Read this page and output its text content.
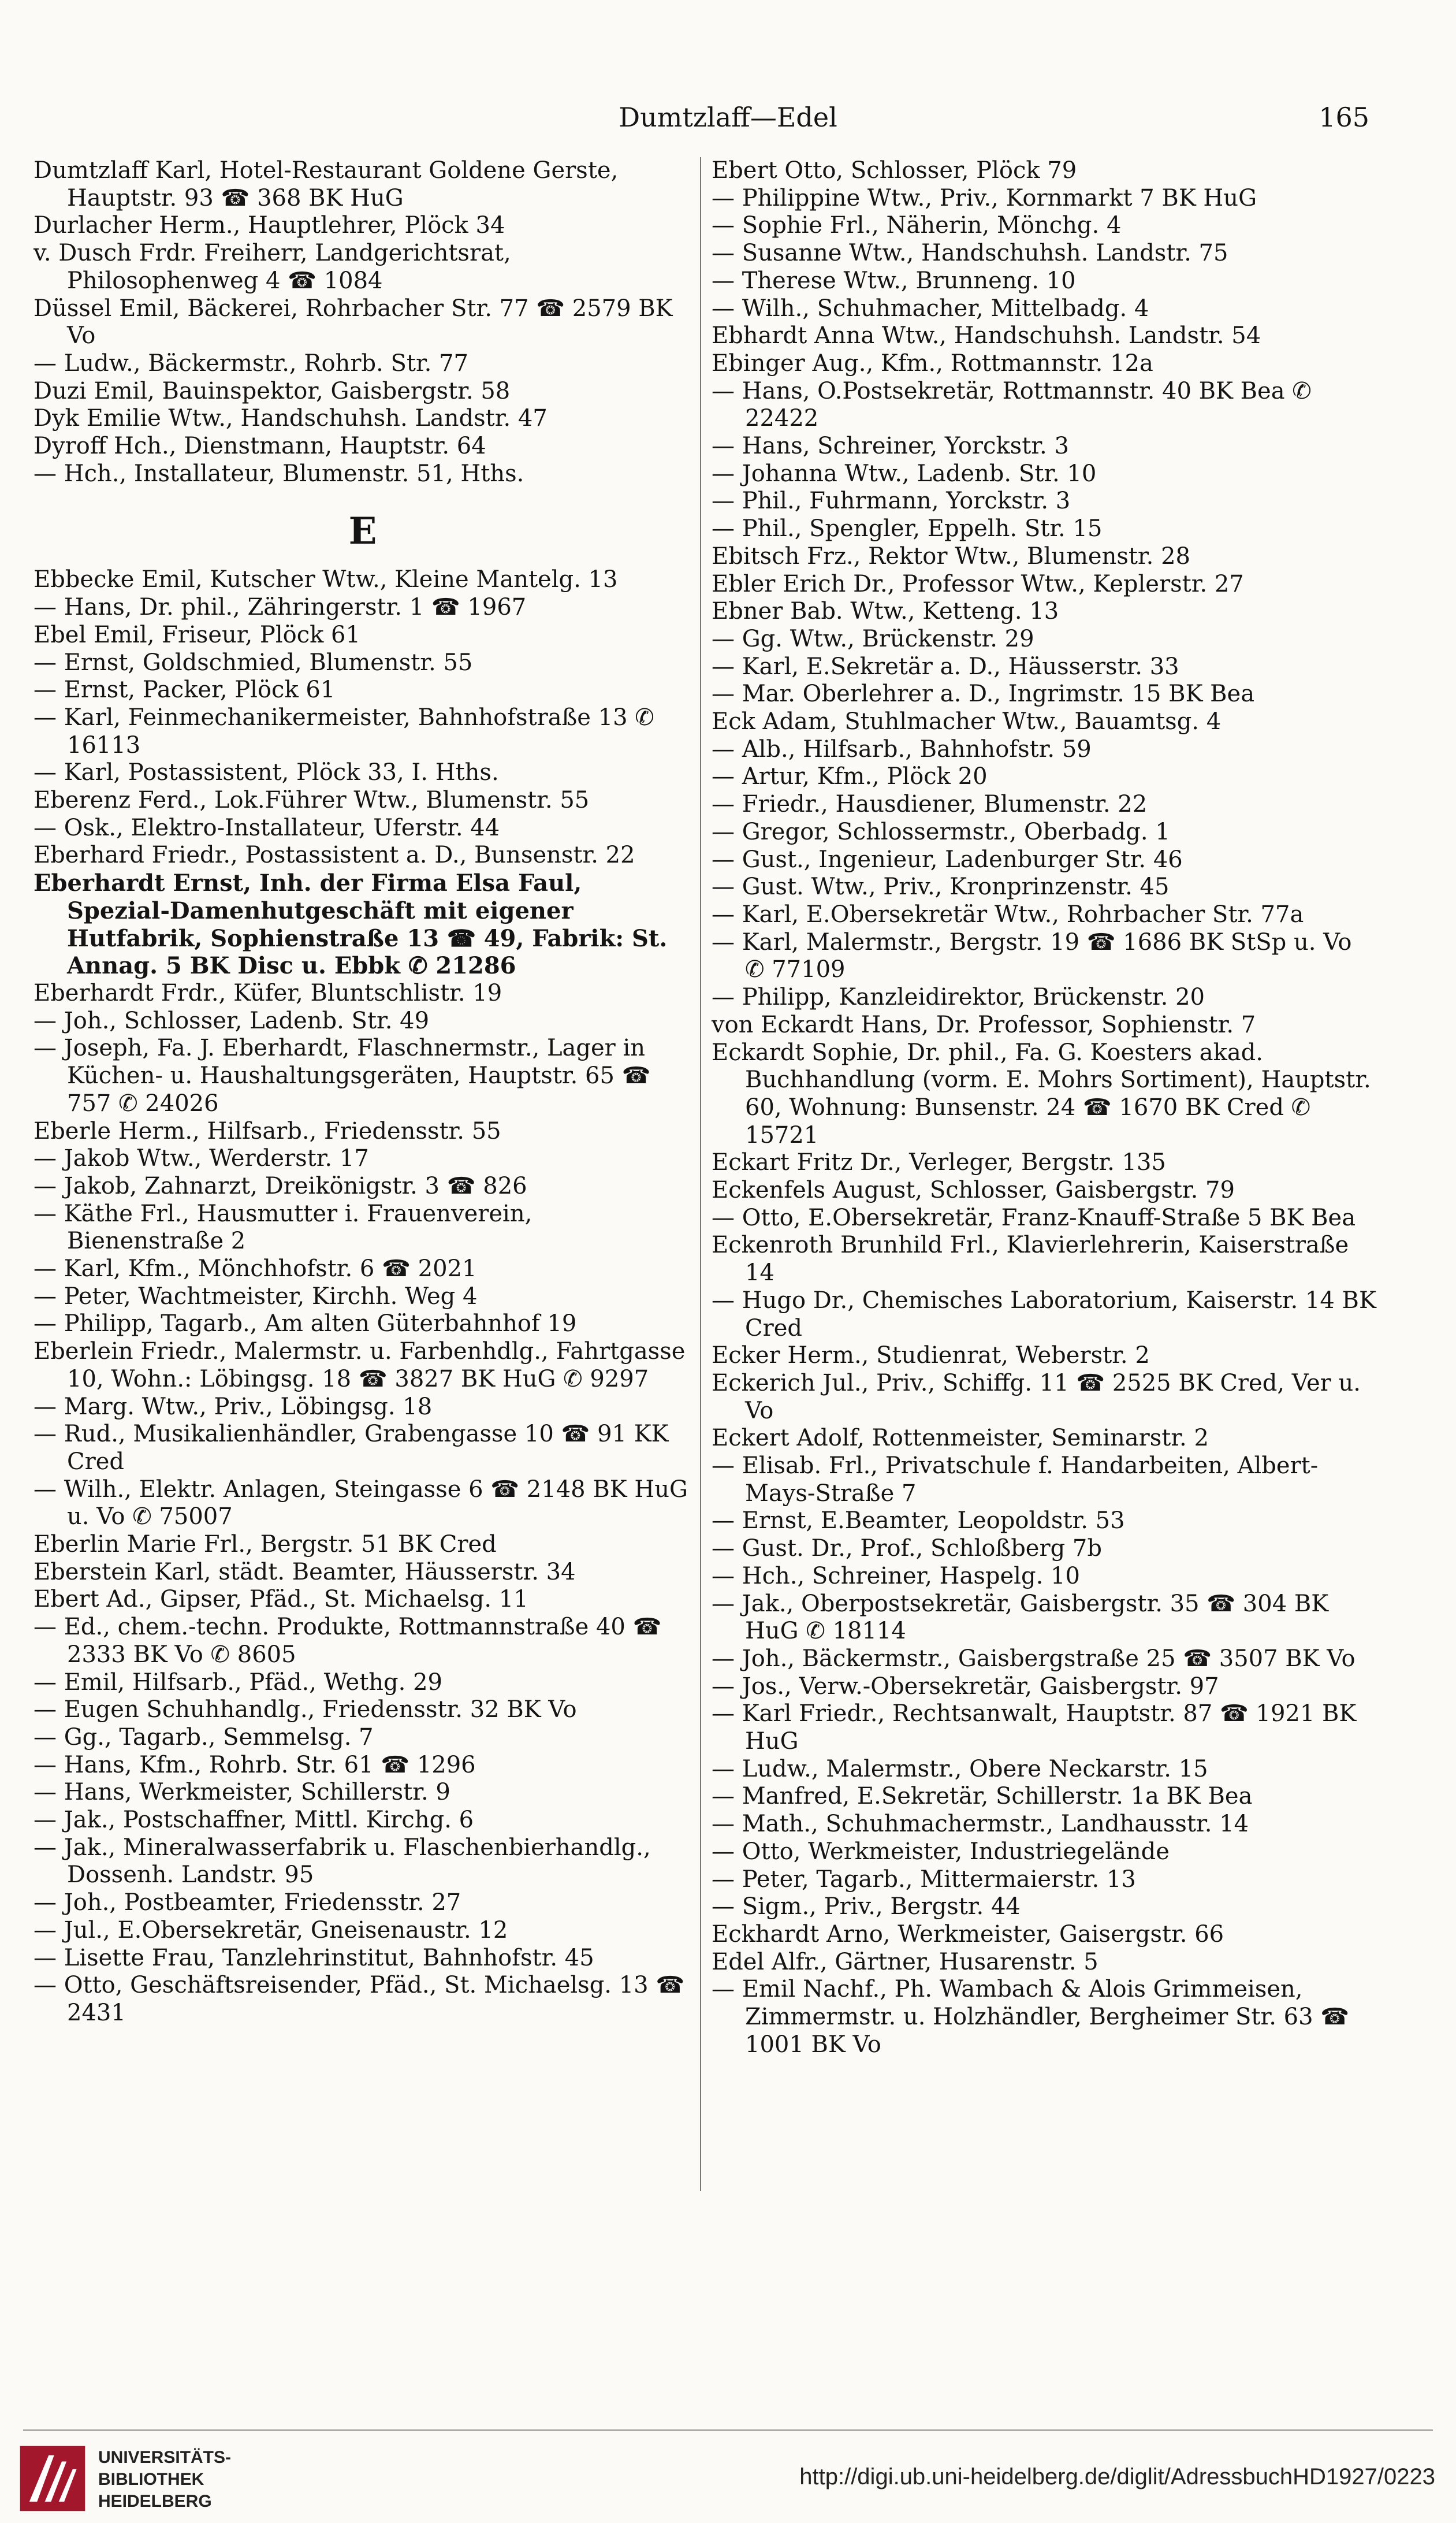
Dumtzlaff—Edel	165

Dumtzlaff Karl, Hotel-Restaurant Goldene Gerste, Hauptstr. 93 ☎ 368 BK HuG

Durlacher Herm., Hauptlehrer, Plöck 34

v. Dusch Frdr. Freiherr, Landgerichtsrat, Philosophenweg 4 ☎ 1084

Düssel Emil, Bäckerei, Rohrbacher Str. 77 ☎ 2579 BK Vo

— Ludw., Bäckermstr., Rohrb. Str. 77

Duzi Emil, Bauinspektor, Gaisbergstr. 58

Dyk Emilie Wtw., Handschuhsh. Landstr. 47

Dyroff Hch., Dienstmann, Hauptstr. 64

— Hch., Installateur, Blumenstr. 51, Hths.

E

Ebbecke Emil, Kutscher Wtw., Kleine Mantelg. 13

— Hans, Dr. phil., Zähringerstr. 1 ☎ 1967

Ebel Emil, Friseur, Plöck 61

— Ernst, Goldschmied, Blumenstr. 55

— Ernst, Packer, Plöck 61

— Karl, Feinmechanikermeister, Bahnhofstraße 13 ✆ 16113

— Karl, Postassistent, Plöck 33, I. Hths.

Eberenz Ferd., Lok.Führer Wtw., Blumenstr. 55

— Osk., Elektro-Installateur, Uferstr. 44

Eberhard Friedr., Postassistent a. D., Bunsenstr. 22

Eberhardt Ernst, Inh. der Firma Elsa Faul, Spezial-Damenhutgeschäft mit eigener Hutfabrik, Sophienstraße 13 ☎ 49, Fabrik: St. Annag. 5 BK Disc u. Ebbk ✆ 21286

Eberhardt Frdr., Küfer, Bluntschlistr. 19

— Joh., Schlosser, Ladenb. Str. 49

— Joseph, Fa. J. Eberhardt, Flaschnermstr., Lager in Küchen- u. Haushaltungsgeräten, Hauptstr. 65 ☎ 757 ✆ 24026

Eberle Herm., Hilfsarb., Friedensstr. 55

— Jakob Wtw., Werderstr. 17

— Jakob, Zahnarzt, Dreikönigstr. 3 ☎ 826

— Käthe Frl., Hausmutter i. Frauenverein, Bienenstraße 2

— Karl, Kfm., Mönchhofstr. 6 ☎ 2021

— Peter, Wachtmeister, Kirchh. Weg 4

— Philipp, Tagarb., Am alten Güterbahnhof 19

Eberlein Friedr., Malermstr. u. Farbenhdlg., Fahrtgasse 10, Wohn.: Löbingsg. 18 ☎ 3827 BK HuG ✆ 9297

— Marg. Wtw., Priv., Löbingsg. 18

— Rud., Musikalienhändler, Grabengasse 10 ☎ 91 KK Cred

— Wilh., Elektr. Anlagen, Steingasse 6 ☎ 2148 BK HuG u. Vo ✆ 75007

Eberlin Marie Frl., Bergstr. 51 BK Cred

Eberstein Karl, städt. Beamter, Häusserstr. 34

Ebert Ad., Gipser, Pfäd., St. Michaelsg. 11

— Ed., chem.-techn. Produkte, Rottmannstraße 40 ☎ 2333 BK Vo ✆ 8605

— Emil, Hilfsarb., Pfäd., Wethg. 29

— Eugen Schuhhandlg., Friedensstr. 32 BK Vo

— Gg., Tagarb., Semmelsg. 7

— Hans, Kfm., Rohrb. Str. 61 ☎ 1296

— Hans, Werkmeister, Schillerstr. 9

— Jak., Postschaffner, Mittl. Kirchg. 6

— Jak., Mineralwasserfabrik u. Flaschenbierhandlg., Dossenh. Landstr. 95

— Joh., Postbeamter, Friedensstr. 27

— Jul., E.Obersekretär, Gneisenaustr. 12

— Lisette Frau, Tanzlehrinstitut, Bahnhofstr. 45

— Otto, Geschäftsreisender, Pfäd., St. Michaelsg. 13 ☎ 2431

Ebert Otto, Schlosser, Plöck 79

— Philippine Wtw., Priv., Kornmarkt 7 BK HuG

— Sophie Frl., Näherin, Mönchg. 4

— Susanne Wtw., Handschuhsh. Landstr. 75

— Therese Wtw., Brunneng. 10

— Wilh., Schuhmacher, Mittelbadg. 4

Ebhardt Anna Wtw., Handschuhsh. Landstr. 54

Ebinger Aug., Kfm., Rottmannstr. 12a

— Hans, O.Postsekretär, Rottmannstr. 40 BK Bea ✆ 22422

— Hans, Schreiner, Yorckstr. 3

— Johanna Wtw., Ladenb. Str. 10

— Phil., Fuhrmann, Yorckstr. 3

— Phil., Spengler, Eppelh. Str. 15

Ebitsch Frz., Rektor Wtw., Blumenstr. 28

Ebler Erich Dr., Professor Wtw., Keplerstr. 27

Ebner Bab. Wtw., Ketteng. 13

— Gg. Wtw., Brückenstr. 29

— Karl, E.Sekretär a. D., Häusserstr. 33

— Mar. Oberlehrer a. D., Ingrimstr. 15 BK Bea

Eck Adam, Stuhlmacher Wtw., Bauamtsg. 4

— Alb., Hilfsarb., Bahnhofstr. 59

— Artur, Kfm., Plöck 20

— Friedr., Hausdiener, Blumenstr. 22

— Gregor, Schlossermstr., Oberbadg. 1

— Gust., Ingenieur, Ladenburger Str. 46

— Gust. Wtw., Priv., Kronprinzenstr. 45

— Karl, E.Obersekretär Wtw., Rohrbacher Str. 77a

— Karl, Malermstr., Bergstr. 19 ☎ 1686 BK StSp u. Vo ✆ 77109

— Philipp, Kanzleidirektor, Brückenstr. 20

von Eckardt Hans, Dr. Professor, Sophienstr. 7

Eckardt Sophie, Dr. phil., Fa. G. Koesters akad. Buchhandlung (vorm. E. Mohrs Sortiment), Hauptstr. 60, Wohnung: Bunsenstr. 24 ☎ 1670 BK Cred ✆ 15721

Eckart Fritz Dr., Verleger, Bergstr. 135

Eckenfels August, Schlosser, Gaisbergstr. 79

— Otto, E.Obersekretär, Franz-Knauff-Straße 5 BK Bea

Eckenroth Brunhild Frl., Klavierlehrerin, Kaiserstraße 14

— Hugo Dr., Chemisches Laboratorium, Kaiserstr. 14 BK Cred

Ecker Herm., Studienrat, Weberstr. 2

Eckerich Jul., Priv., Schiffg. 11 ☎ 2525 BK Cred, Ver u. Vo

Eckert Adolf, Rottenmeister, Seminarstr. 2

— Elisab. Frl., Privatschule f. Handarbeiten, Albert-Mays-Straße 7

— Ernst, E.Beamter, Leopoldstr. 53

— Gust. Dr., Prof., Schloßberg 7b

— Hch., Schreiner, Haspelg. 10

— Jak., Oberpostsekretär, Gaisbergstr. 35 ☎ 304 BK HuG ✆ 18114

— Joh., Bäckermstr., Gaisbergstraße 25 ☎ 3507 BK Vo

— Jos., Verw.-Obersekretär, Gaisbergstr. 97

— Karl Friedr., Rechtsanwalt, Hauptstr. 87 ☎ 1921 BK HuG

— Ludw., Malermstr., Obere Neckarstr. 15

— Manfred, E.Sekretär, Schillerstr. 1a BK Bea

— Math., Schuhmachermstr., Landhausstr. 14

— Otto, Werkmeister, Industriegelände

— Peter, Tagarb., Mittermaierstr. 13

— Sigm., Priv., Bergstr. 44

Eckhardt Arno, Werkmeister, Gaisergstr. 66

Edel Alfr., Gärtner, Husarenstr. 5

— Emil Nachf., Ph. Wambach & Alois Grimmeisen, Zimmermstr. u. Holzhändler, Bergheimer Str. 63 ☎ 1001 BK Vo

UNIVERSITÄTS-
BIBLIOTHEK
HEIDELBERG
http://digi.ub.uni-heidelberg.de/diglit/AdressbuchHD1927/0223
